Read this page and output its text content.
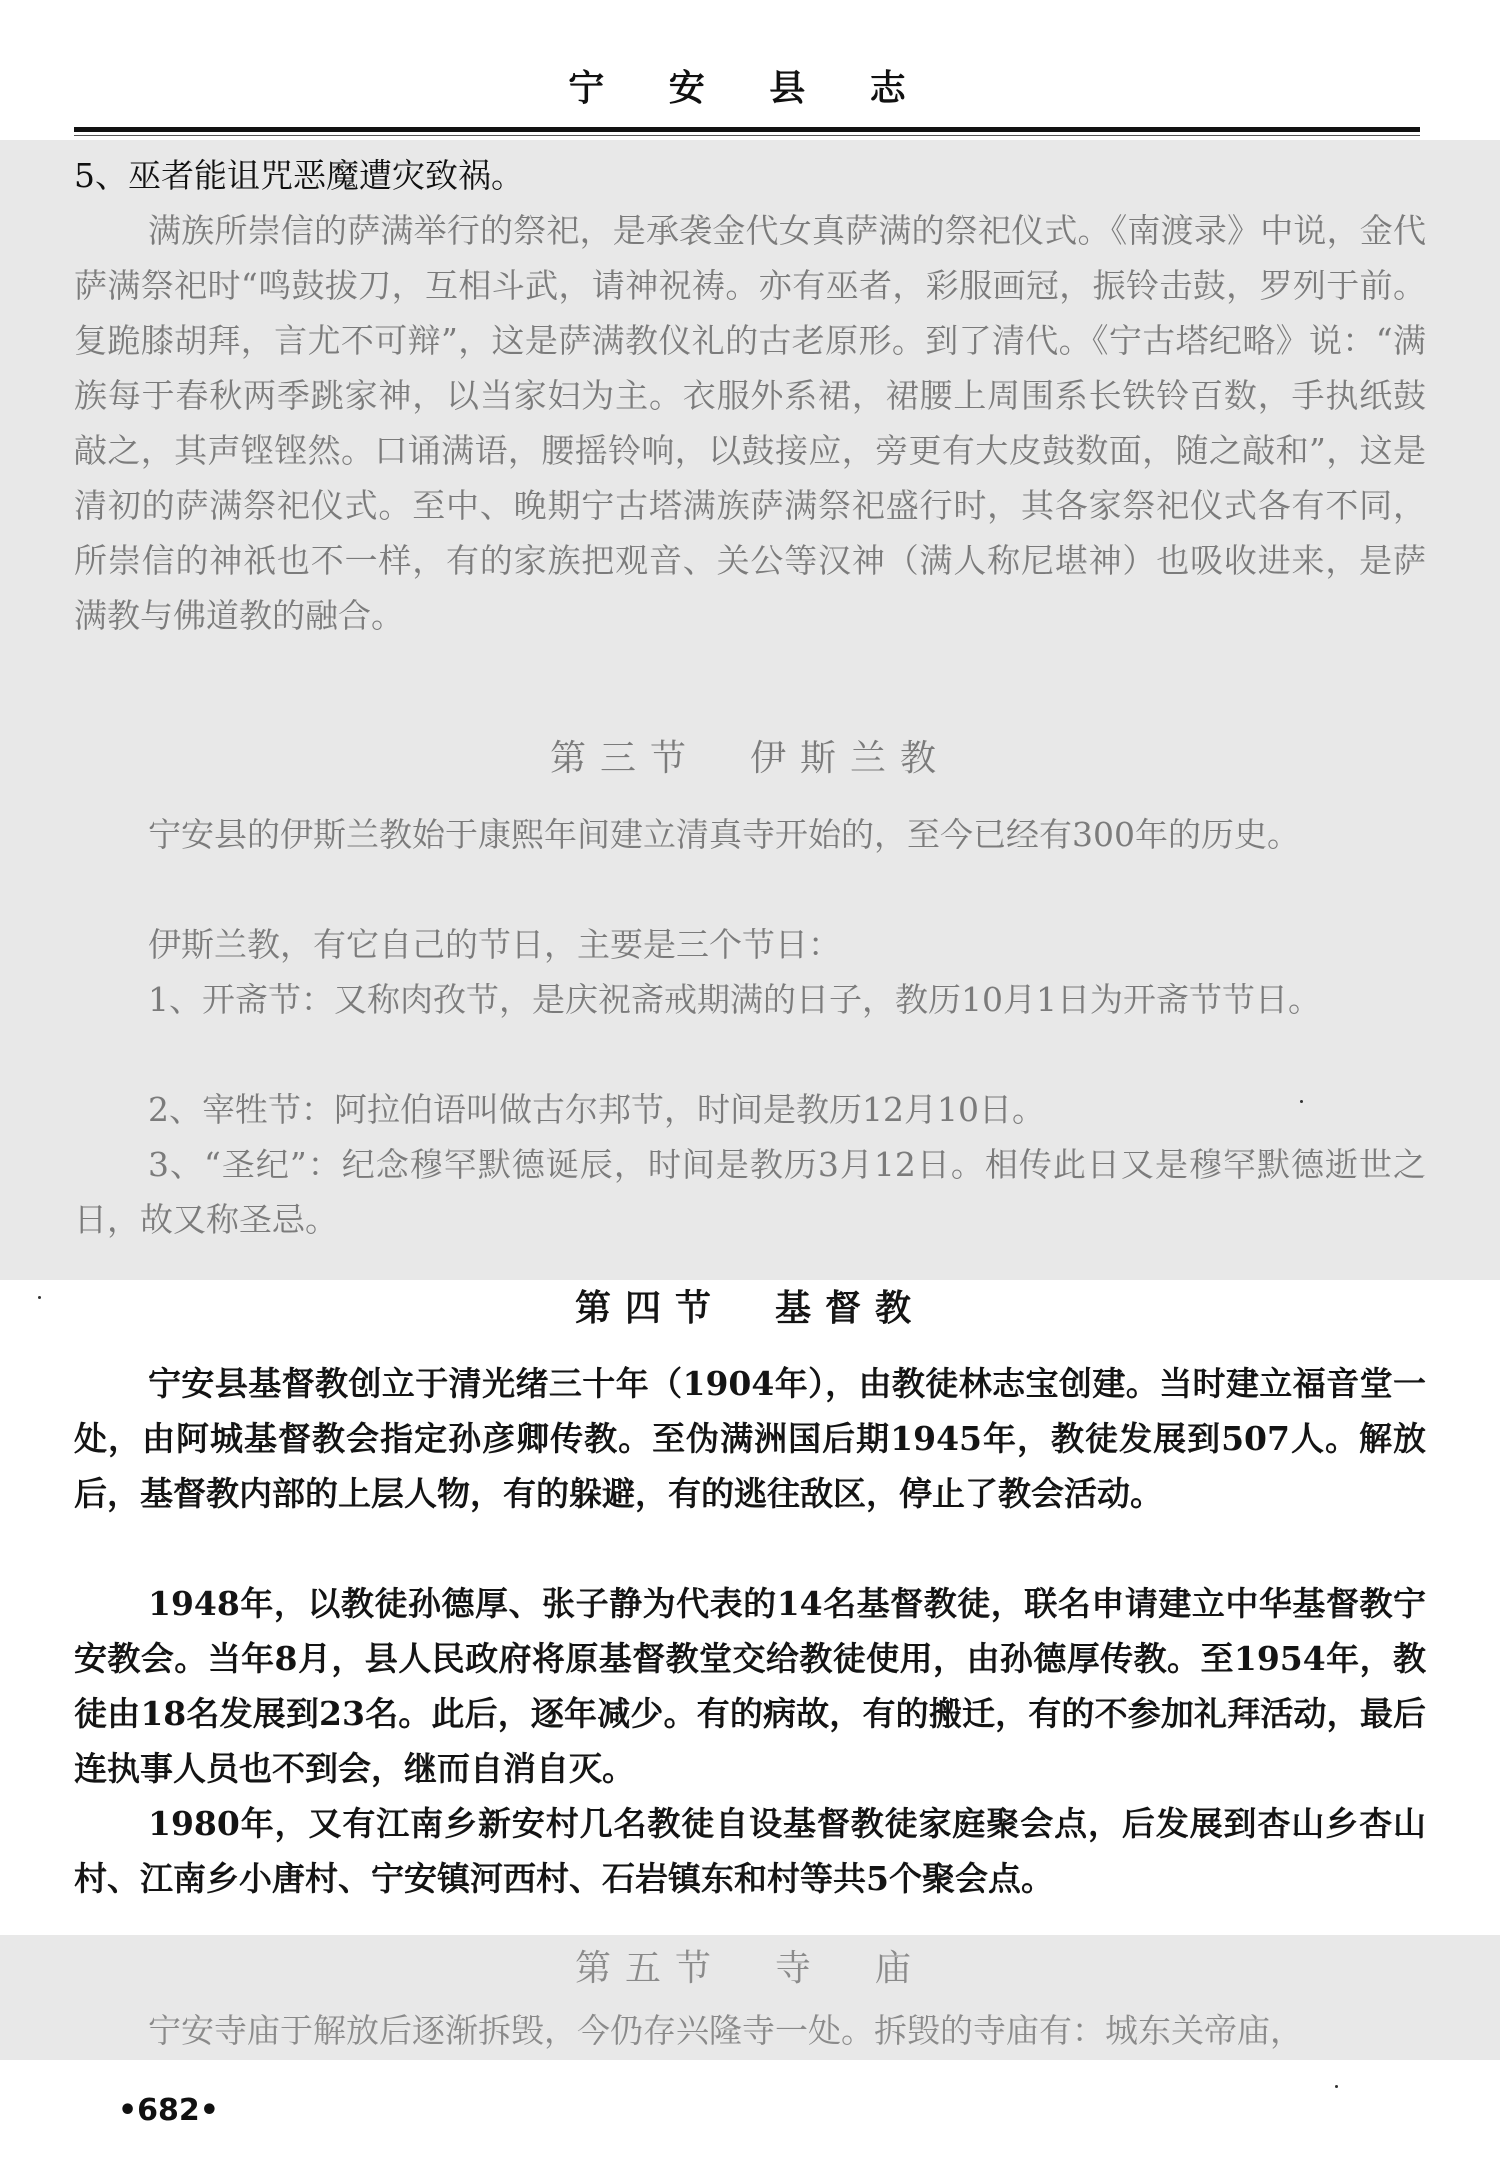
宁 安 县 志

5、巫者能诅咒恶魔遭灾致祸。

满族所崇信的萨满举行的祭祀，是承袭金代女真萨满的祭祀仪式。《南渡录》中说，金代萨满祭祀时“鸣鼓拔刀，互相斗武，请神祝祷。亦有巫者，彩服画冠，振铃击鼓，罗列于前。复跪膝胡拜，言尤不可辩”，这是萨满教仪礼的古老原形。到了清代。《宁古塔纪略》说：“满族每于春秋两季跳家神，以当家妇为主。衣服外系裙，裙腰上周围系长铁铃百数，手执纸鼓敲之，其声铿铿然。口诵满语，腰摇铃响，以鼓接应，旁更有大皮鼓数面，随之敲和”，这是清初的萨满祭祀仪式。至中、晚期宁古塔满族萨满祭祀盛行时，其各家祭祀仪式各有不同，所崇信的神祇也不一样，有的家族把观音、关公等汉神（满人称尼堪神）也吸收进来，是萨满教与佛道教的融合。

第三节　伊斯兰教

宁安县的伊斯兰教始于康熙年间建立清真寺开始的，至今已经有300年的历史。

伊斯兰教，有它自己的节日，主要是三个节日：

1、开斋节：又称肉孜节，是庆祝斋戒期满的日子，教历10月1日为开斋节节日。

2、宰牲节：阿拉伯语叫做古尔邦节，时间是教历12月10日。

3、“圣纪”：纪念穆罕默德诞辰，时间是教历3月12日。相传此日又是穆罕默德逝世之日，故又称圣忌。

第四节　基督教

宁安县基督教创立于清光绪三十年（1904年），由教徒林志宝创建。当时建立福音堂一处，由阿城基督教会指定孙彦卿传教。至伪满洲国后期1945年，教徒发展到507人。解放后，基督教内部的上层人物，有的躲避，有的逃往敌区，停止了教会活动。

1948年，以教徒孙德厚、张子静为代表的14名基督教徒，联名申请建立中华基督教宁安教会。当年8月，县人民政府将原基督教堂交给教徒使用，由孙德厚传教。至1954年，教徒由18名发展到23名。此后，逐年减少。有的病故，有的搬迁，有的不参加礼拜活动，最后连执事人员也不到会，继而自消自灭。

1980年，又有江南乡新安村几名教徒自设基督教徒家庭聚会点，后发展到杏山乡杏山村、江南乡小唐村、宁安镇河西村、石岩镇东和村等共5个聚会点。

第五节　寺　庙

宁安寺庙于解放后逐渐拆毁，今仍存兴隆寺一处。拆毁的寺庙有：城东关帝庙，

•682•
